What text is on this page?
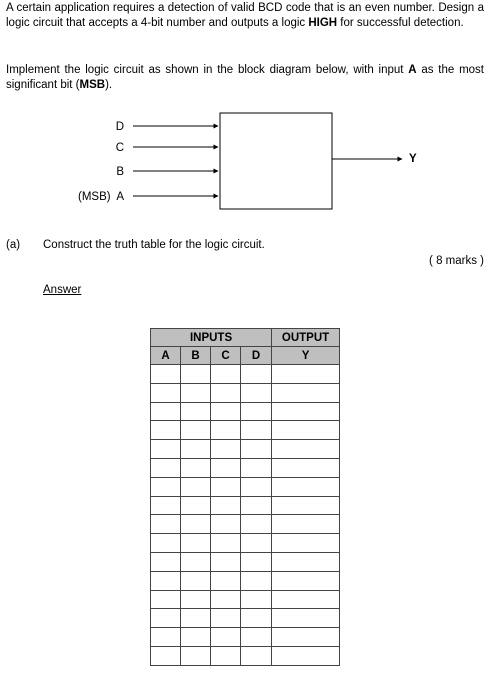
A certain application requires a detection of valid BCD code that is an even number. Design a logic circuit that accepts a 4-bit number and outputs a logic HIGH for successful detection.
Implement the logic circuit as shown in the block diagram below, with input A as the most significant bit (MSB).
D
C
B
(MSB)  A
Y
(a) Construct the truth table for the logic circuit.
( 8 marks )
Answer
INPUTS				OUTPUT
A	B	C	D	Y
